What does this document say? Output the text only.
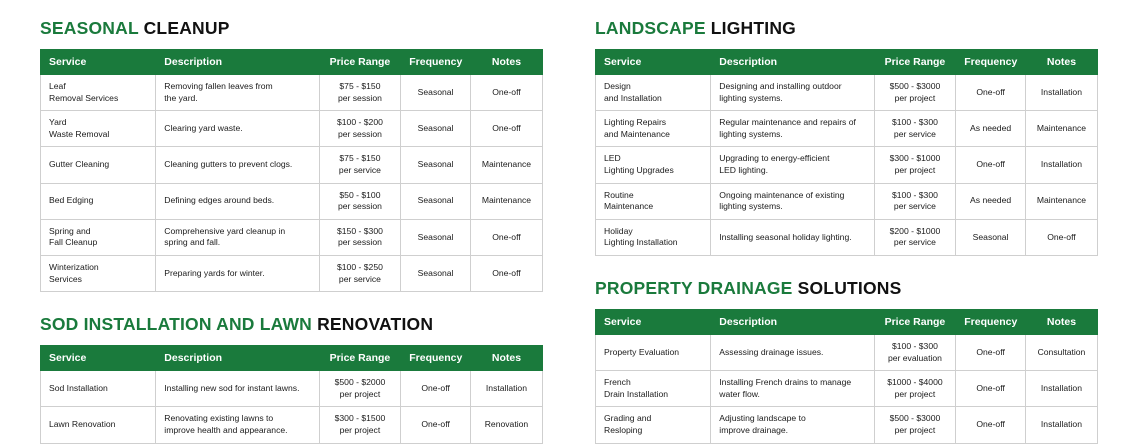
SEASONAL CLEANUP
Service	Description	Price Range	Frequency	Notes

Leaf
Removal Services	Removing fallen leaves from
the yard.	$75 - $150
per session	Seasonal	One-off

Yard
Waste Removal	Clearing yard waste.	$100 - $200
per session	Seasonal	One-off

Gutter Cleaning	Cleaning gutters to prevent clogs.	$75 - $150
per service	Seasonal	Maintenance

Bed Edging	Defining edges around beds.	$50 - $100
per session	Seasonal	Maintenance

Spring and
Fall Cleanup	Comprehensive yard cleanup in
spring and fall.	$150 - $300
per session	Seasonal	One-off

Winterization
Services	Preparing yards for winter.	$100 - $250
per service	Seasonal	One-off
SOD INSTALLATION AND LAWN RENOVATION
Service	Description	Price Range	Frequency	Notes

Sod Installation	Installing new sod for instant lawns.	$500 - $2000
per project	One-off	Installation

Lawn Renovation	Renovating existing lawns to
improve health and appearance.	$300 - $1500
per project	One-off	Renovation
LANDSCAPE LIGHTING
Service	Description	Price Range	Frequency	Notes

Design
and Installation	Designing and installing outdoor
lighting systems.	$500 - $3000
per project	One-off	Installation

Lighting Repairs
and Maintenance	Regular maintenance and repairs of
lighting systems.	$100 - $300
per service	As needed	Maintenance

LED
Lighting Upgrades	Upgrading to energy-efficient
LED lighting.	$300 - $1000
per project	One-off	Installation

Routine
Maintenance	Ongoing maintenance of existing
lighting systems.	$100 - $300
per service	As needed	Maintenance

Holiday
Lighting Installation	Installing seasonal holiday lighting.	$200 - $1000
per service	Seasonal	One-off
PROPERTY DRAINAGE SOLUTIONS
Service	Description	Price Range	Frequency	Notes

Property Evaluation	Assessing drainage issues.	$100 - $300
per evaluation	One-off	Consultation

French
Drain Installation	Installing French drains to manage
water flow.	$1000 - $4000
per project	One-off	Installation

Grading and
Resloping	Adjusting landscape to
improve drainage.	$500 - $3000
per project	One-off	Installation
